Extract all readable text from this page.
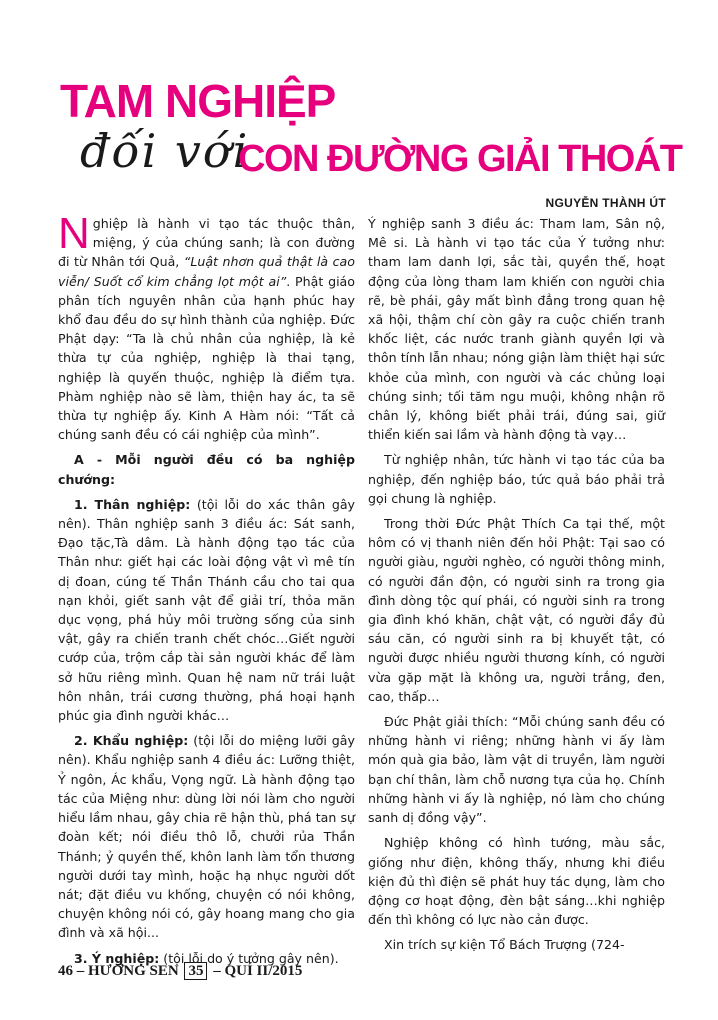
TAM NGHIỆP
đối với
CON ĐƯỜNG GIẢI THOÁT
NGUYỄN THÀNH ÚT

Nghiệp là hành vi tạo tác thuộc thân, miệng, ý của chúng sanh; là con đường đi từ Nhân tới Quả, “Luật nhơn quả thật là cao viễn/ Suốt cổ kim chẳng lọt một ai”. Phật giáo phân tích nguyên nhân của hạnh phúc hay khổ đau đều do sự hình thành của nghiệp. Đức Phật dạy: “Ta là chủ nhân của nghiệp, là kẻ thừa tự của nghiệp, nghiệp là thai tạng, nghiệp là quyến thuộc, nghiệp là điểm tựa. Phàm nghiệp nào sẽ làm, thiện hay ác, ta sẽ thừa tự nghiệp ấy. Kinh A Hàm nói: “Tất cả chúng sanh đều có cái nghiệp của mình”.

A - Mỗi người đều có ba nghiệp chướng:

1. Thân nghiệp: (tội lỗi do xác thân gây nên). Thân nghiệp sanh 3 điều ác: Sát sanh, Đạo tặc,Tà dâm. Là hành động tạo tác của Thân như: giết hại các loài động vật vì mê tín dị đoan, cúng tế Thần Thánh cầu cho tai qua nạn khỏi, giết sanh vật để giải trí, thỏa mãn dục vọng, phá hủy môi trường sống của sinh vật, gây ra chiến tranh chết chóc…Giết người cướp của, trộm cắp tài sản người khác để làm sở hữu riêng mình. Quan hệ nam nữ trái luật hôn nhân, trái cương thường, phá hoại hạnh phúc gia đình người khác…

2. Khẩu nghiệp: (tội lỗi do miệng lưỡi gây nên). Khẩu nghiệp sanh 4 điều ác: Lưỡng thiệt, Ỷ ngôn, Ác khẩu, Vọng ngữ. Là hành động tạo tác của Miệng như: dùng lời nói làm cho người hiểu lầm nhau, gây chia rẽ hận thù, phá tan sự đoàn kết; nói điều thô lỗ, chưởi rủa Thần Thánh; ỷ quyền thế, khôn lanh làm tổn thương người dưới tay mình, hoặc hạ nhục người dốt nát; đặt điều vu khống, chuyện có nói không, chuyện không nói có, gây hoang mang cho gia đình và xã hội...

3. Ý nghiệp: (tội lỗi do ý tưởng gây nên).

Ý nghiệp sanh 3 điều ác: Tham lam, Sân nộ, Mê si. Là hành vi tạo tác của Ý tưởng như: tham lam danh lợi, sắc tài, quyền thế, hoạt động của lòng tham lam khiến con người chia rẽ, bè phái, gây mất bình đẳng trong quan hệ xã hội, thậm chí còn gây ra cuộc chiến tranh khốc liệt, các nước tranh giành quyền lợi và thôn tính lẫn nhau; nóng giận làm thiệt hại sức khỏe của mình, con người và các chủng loại chúng sinh; tối tăm ngu muội, không nhận rõ chân lý, không biết phải trái, đúng sai, giữ thiển kiến sai lầm và hành động tà vạy…

Từ nghiệp nhân, tức hành vi tạo tác của ba nghiệp, đến nghiệp báo, tức quả báo phải trả gọi chung là nghiệp.

Trong thời Đức Phật Thích Ca tại thế, một hôm có vị thanh niên đến hỏi Phật: Tại sao có người giàu, người nghèo, có người thông minh, có người đần độn, có người sinh ra trong gia đình dòng tộc quí phái, có người sinh ra trong gia đình khó khăn, chật vật, có người đầy đủ sáu căn, có người sinh ra bị khuyết tật, có người được nhiều người thương kính, có người vừa gặp mặt là không ưa, người trắng, đen, cao, thấp…

Đức Phật giải thích: “Mỗi chúng sanh đều có những hành vi riêng; những hành vi ấy làm món quà gia bảo, làm vật di truyền, làm người bạn chí thân, làm chỗ nương tựa của họ. Chính những hành vi ấy là nghiệp, nó làm cho chúng sanh dị đồng vậy”.

Nghiệp không có hình tướng, màu sắc, giống như điện, không thấy, nhưng khi điều kiện đủ thì điện sẽ phát huy tác dụng, làm cho động cơ hoạt động, đèn bật sáng…khi nghiệp đến thì không có lực nào cản được.

Xin trích sự kiện Tổ Bách Trượng (724-

46 – HƯƠNG SEN 35 – QUÍ II/2015
